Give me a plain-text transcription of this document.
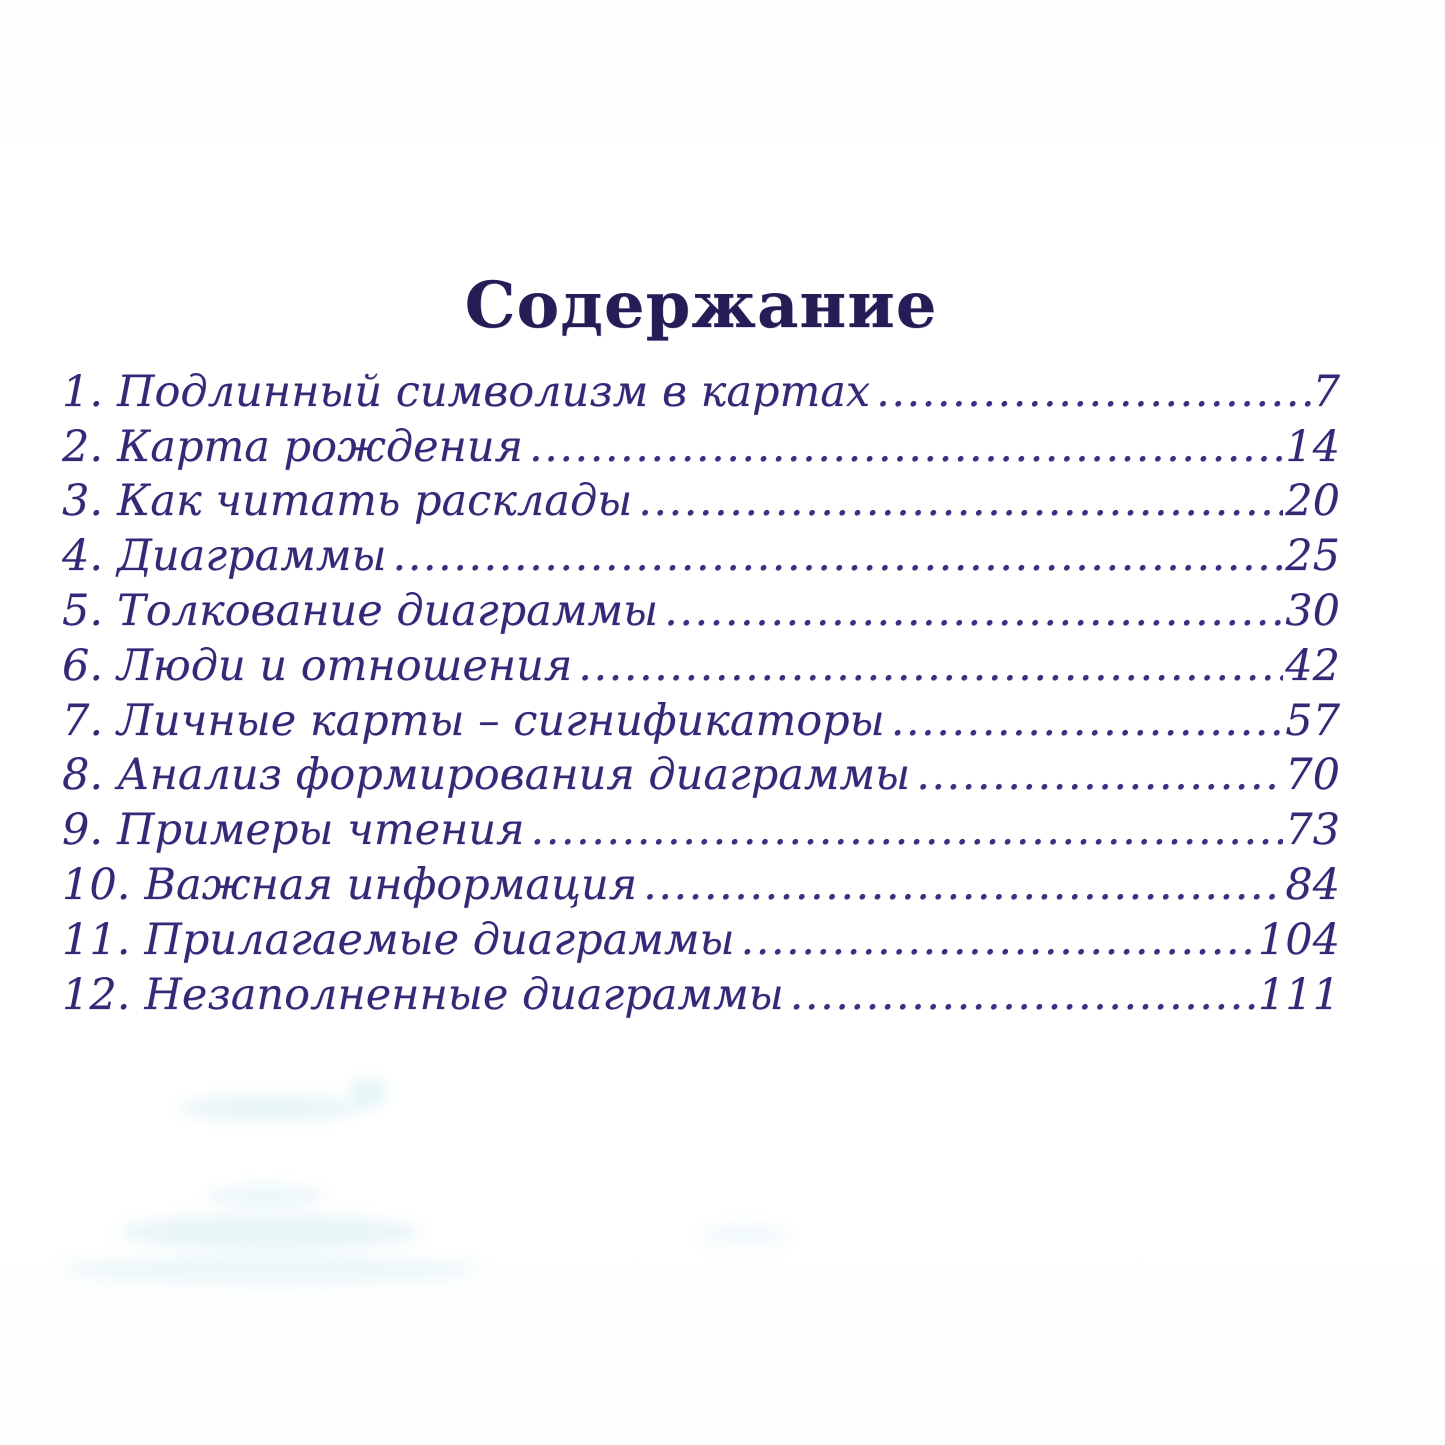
Содержание
1. Подлинный символизм в картах .....	7
2. Карта рождения .....	14
3. Как читать расклады .....	20
4. Диаграммы .....	25
5. Толкование диаграммы .....	30
6. Люди и отношения .....	42
7. Личные карты – сигнификаторы .....	57
8. Анализ формирования диаграммы .....	70
9. Примеры чтения .....	73
10. Важная информация .....	84
11. Прилагаемые диаграммы .....	104
12. Незаполненные диаграммы .....	111
